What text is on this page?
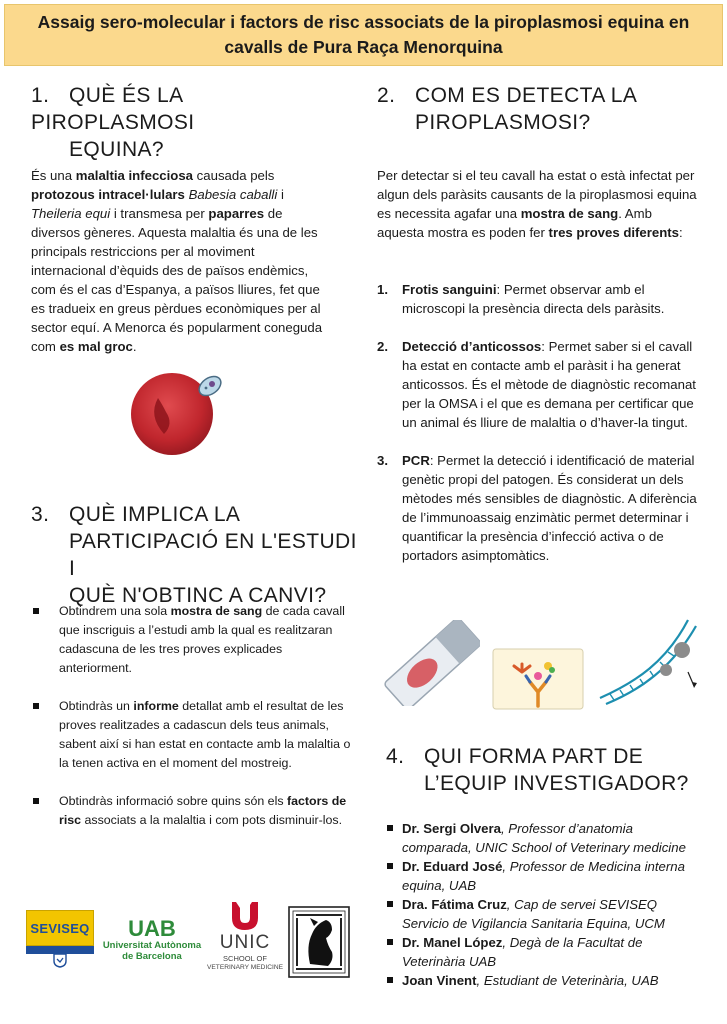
Assaig sero-molecular i factors de risc associats de la piroplasmosi equina en
cavalls de Pura Raça Menorquina
1. QUÈ ÉS LA PIROPLASMOSI
EQUINA?
És una malaltia infecciosa causada pels protozous intracel·lulars Babesia caballi i Theileria equi i transmesa per paparres de diversos gèneres. Aquesta malaltia és una de les principals restriccions per al moviment internacional d’èquids des de països endèmics, com és el cas d’Espanya, a països lliures, fet que es tradueix en greus pèrdues econòmiques per al sector equí. A Menorca és popularment coneguda com es mal groc.
2. COM ES DETECTA LA
PIROPLASMOSI?
Per detectar si el teu cavall ha estat o està infectat per algun dels paràsits causants de la piroplasmosi equina es necessita agafar una mostra de sang. Amb aquesta mostra es poden fer tres proves diferents:
1. Frotis sanguini: Permet observar amb el microscopi la presència directa dels paràsits.
2. Detecció d’anticossos: Permet saber si el cavall ha estat en contacte amb el paràsit i ha generat anticossos. És el mètode de diagnòstic recomanat per la OMSA i el que es demana per certificar que un animal és lliure de malaltia o d’haver-la tingut.
3. PCR: Permet la detecció i identificació de material genètic propi del patogen. És considerat un dels mètodes més sensibles de diagnòstic. A diferència de l’immunoassaig enzimàtic permet determinar i quantificar la presència d’infecció activa o de portadors asimptomàtics.
3. QUÈ IMPLICA LA
PARTICIPACIÓ EN L'ESTUDI I
QUÈ N'OBTINC A CANVI?
Obtindrem una sola mostra de sang de cada cavall que inscriguis a l’estudi amb la qual es realitzaran cadascuna de les tres proves explicades anteriorment.
Obtindràs un informe detallat amb el resultat de les proves realitzades a cadascun dels teus animals, sabent així si han estat en contacte amb la malaltia o la tenen activa en el moment del mostreig.
Obtindràs informació sobre quins són els factors de risc associats a la malaltia i com pots disminuir-los.
4. QUI FORMA PART DE
L’EQUIP INVESTIGADOR?
Dr. Sergi Olvera, Professor d’anatomia comparada, UNIC School of Veterinary medicine
Dr. Eduard José, Professor de Medicina interna equina, UAB
Dra. Fátima Cruz, Cap de servei SEVISEQ Servicio de Vigilancia Sanitaria Equina, UCM
Dr. Manel López, Degà de la Facultat de Veterinària UAB
Joan Vinent, Estudiant de Veterinària, UAB
SEVISEQ	UAB
Universitat Autònoma
de Barcelona
UNIC
SCHOOL OF
VETERINARY MEDICINE
